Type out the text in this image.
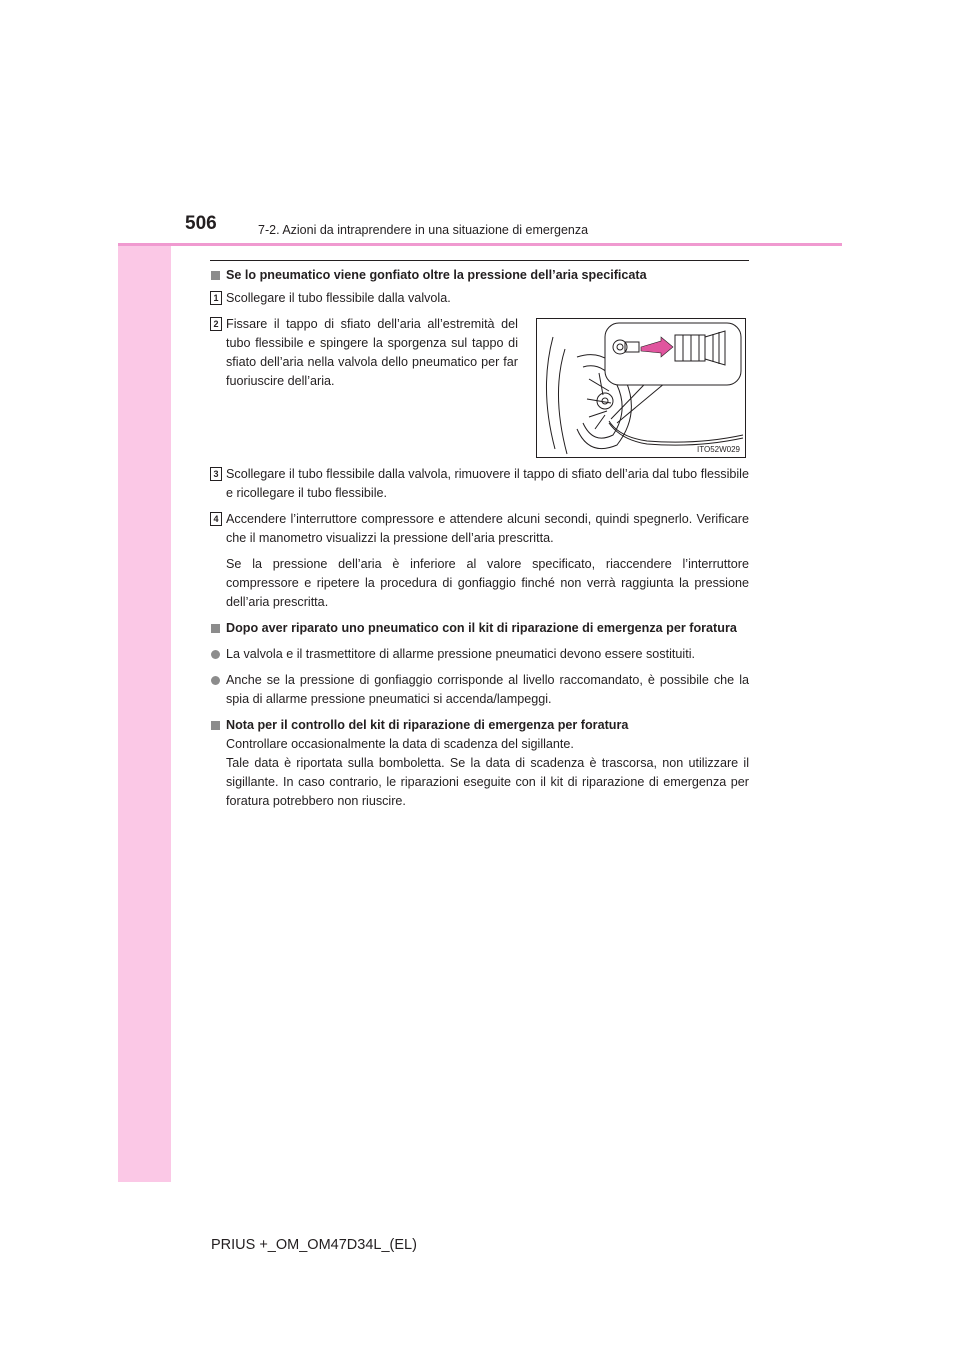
506	7-2. Azioni da intraprendere in una situazione di emergenza

Se lo pneumatico viene gonfiato oltre la pressione dell’aria specificata

1 Scollegare il tubo flessibile dalla valvola.
2 Fissare il tappo di sfiato dell’aria all’estremità del tubo flessibile e spingere la sporgenza sul tappo di sfiato dell’aria nella valvola dello pneumatico per far fuoriuscire dell’aria.
ITO52W029
3 Scollegare il tubo flessibile dalla valvola, rimuovere il tappo di sfiato dell’aria dal tubo flessibile e ricollegare il tubo flessibile.
4 Accendere l’interruttore compressore e attendere alcuni secondi, quindi spegnerlo. Verificare che il manometro visualizzi la pressione dell’aria prescritta.
Se la pressione dell’aria è inferiore al valore specificato, riaccendere l’interruttore compressore e ripetere la procedura di gonfiaggio finché non verrà raggiunta la pressione dell’aria prescritta.

Dopo aver riparato uno pneumatico con il kit di riparazione di emergenza per foratura

La valvola e il trasmettitore di allarme pressione pneumatici devono essere sostituiti.
Anche se la pressione di gonfiaggio corrisponde al livello raccomandato, è possibile che la spia di allarme pressione pneumatici si accenda/lampeggi.

Nota per il controllo del kit di riparazione di emergenza per foratura

Controllare occasionalmente la data di scadenza del sigillante.
Tale data è riportata sulla bomboletta. Se la data di scadenza è trascorsa, non utilizzare il sigillante. In caso contrario, le riparazioni eseguite con il kit di riparazione di emergenza per foratura potrebbero non riuscire.
PRIUS +_OM_OM47D34L_(EL)
